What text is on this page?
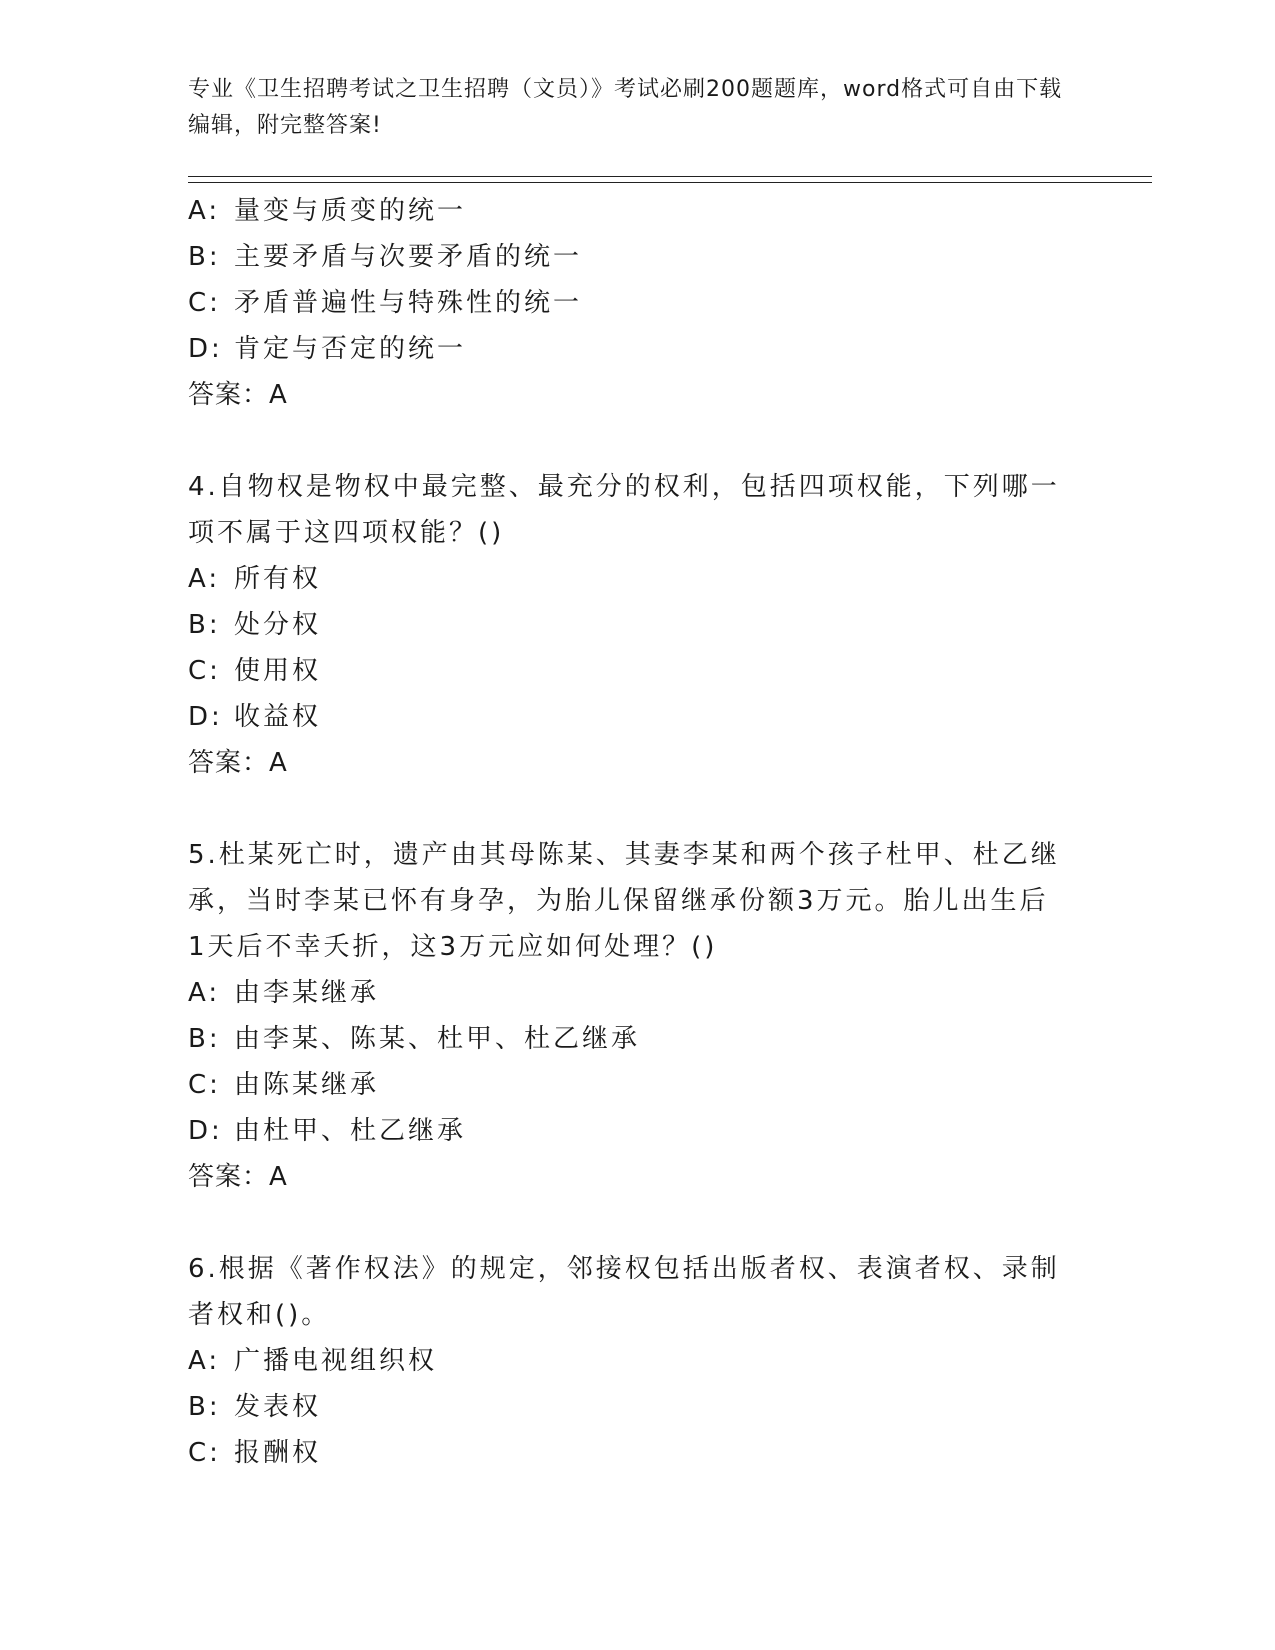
专业《卫生招聘考试之卫生招聘（文员）》考试必刷200题题库，word格式可自由下载编辑，附完整答案!
A: 量变与质变的统一
B: 主要矛盾与次要矛盾的统一
C: 矛盾普遍性与特殊性的统一
D: 肯定与否定的统一
答案：A
4.自物权是物权中最完整、最充分的权利，包括四项权能，下列哪一
项不属于这四项权能？()
A: 所有权
B: 处分权
C: 使用权
D: 收益权
答案：A
5.杜某死亡时，遗产由其母陈某、其妻李某和两个孩子杜甲、杜乙继
承，当时李某已怀有身孕，为胎儿保留继承份额3万元。胎儿出生后
1天后不幸夭折，这3万元应如何处理？()
A: 由李某继承
B: 由李某、陈某、杜甲、杜乙继承
C: 由陈某继承
D: 由杜甲、杜乙继承
答案：A
6.根据《著作权法》的规定，邻接权包括出版者权、表演者权、录制
者权和()。
A: 广播电视组织权
B: 发表权
C: 报酬权
